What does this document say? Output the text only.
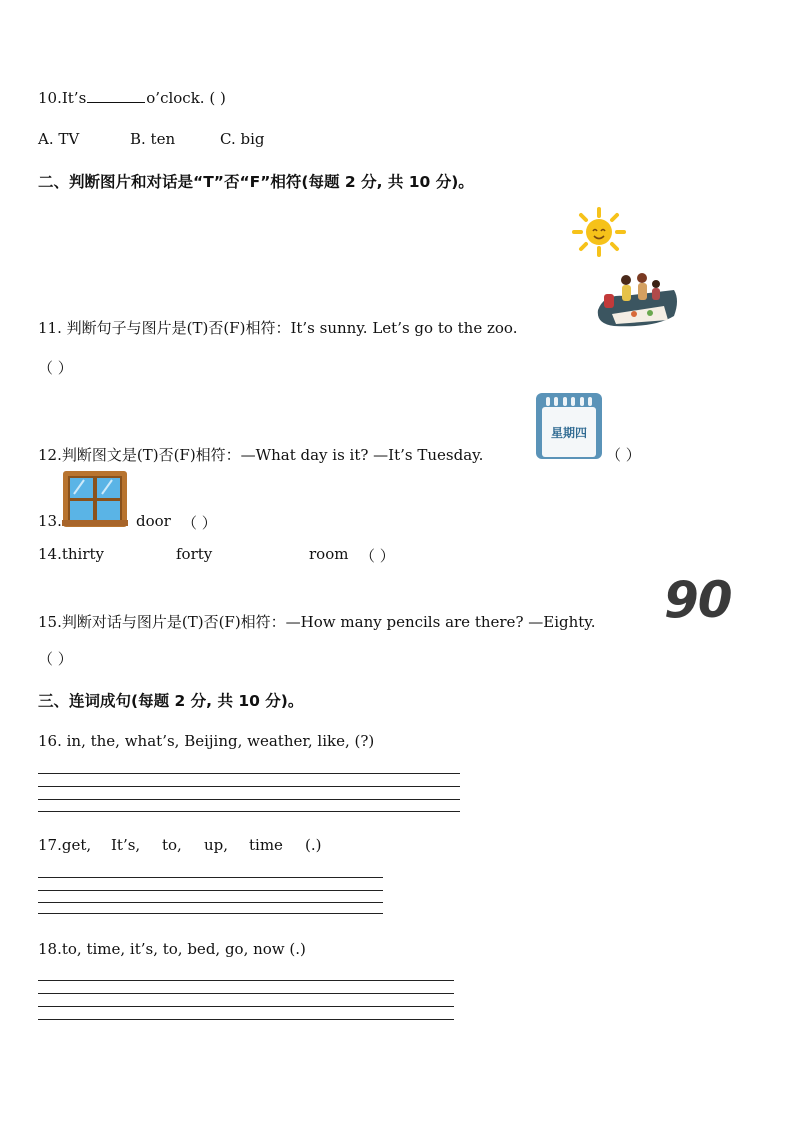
10.It’s	o’clock. ( )
A. TV	B. ten	C. big
二、判断图片和对话是“T”否“F”相符(每题 2 分, 共 10 分)。
11. 判断句子与图片是(T)否(F)相符：It’s sunny. Let’s go to the zoo.
（ ）
星期四
12.判断图文是(T)否(F)相符：—What day is it? —It’s Tuesday.	（ ）
13.	door （ ）
14.thirty	forty	room （ ）
90
15.判断对话与图片是(T)否(F)相符：—How many pencils are there? —Eighty.
（ ）
三、连词成句(每题 2 分, 共 10 分)。
16. in, the, what’s, Beijing, weather, like, (?)
17.get, It’s, to, up, time (.)
18.to, time, it’s, to, bed, go, now (.)
